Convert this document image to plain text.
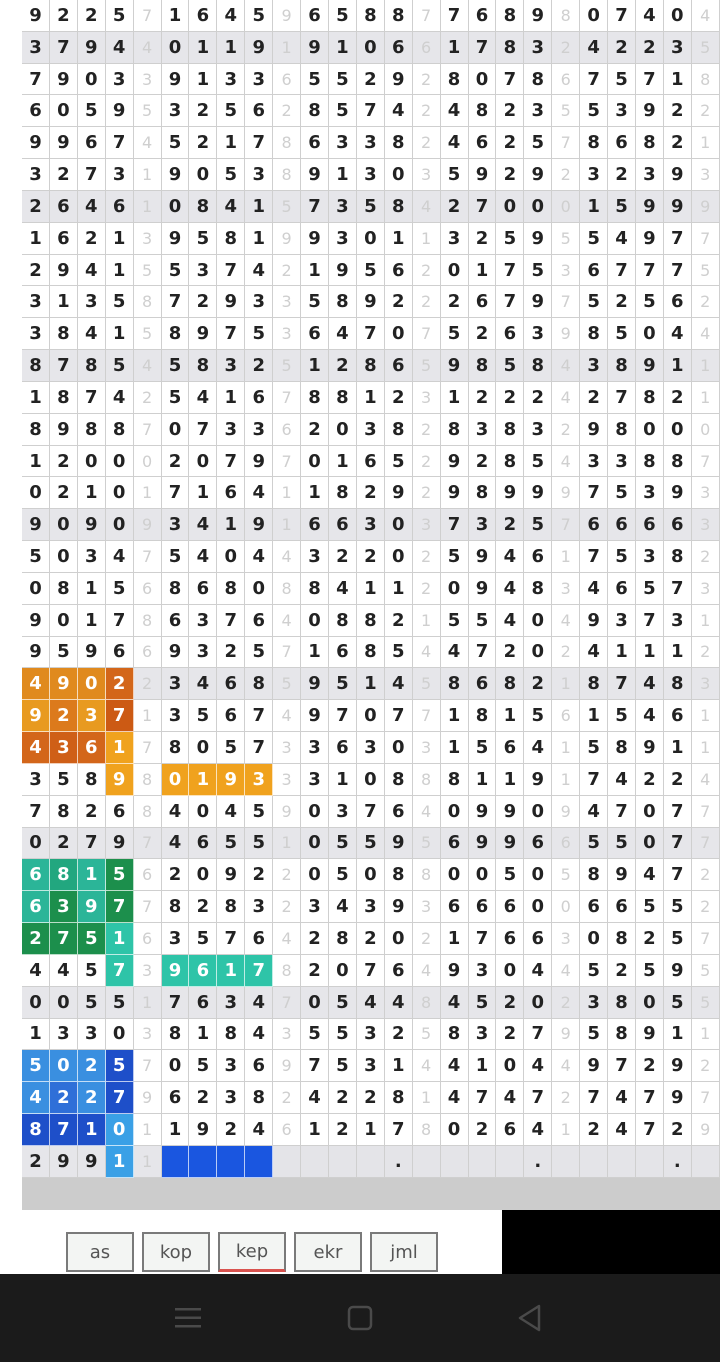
9 2 2 5	7 1 6 4 5	9 6 5 8 8	7 7 6 8 9	8 0 7 4 0	4
3 7 9 4	4 0 1 1 9	1 9 1 0 6	6 1 7 8 3	2 4 2 2 3	5
7 9 0 3	3 9 1 3 3	6 5 5 2 9	2 8 0 7 8	6 7 5 7 1	8
6 0 5 9	5 3 2 5 6	2 8 5 7 4	2 4 8 2 3	5 5 3 9 2	2
9 9 6 7	4 5 2 1 7	8 6 3 3 8	2 4 6 2 5	7 8 6 8 2	1
3 2 7 3	1 9 0 5 3	8 9 1 3 0	3 5 9 2 9	2 3 2 3 9	3
2 6 4 6	1 0 8 4 1	5 7 3 5 8	4 2 7 0 0	0 1 5 9 9	9
1 6 2 1	3 9 5 8 1	9 9 3 0 1	1 3 2 5 9	5 5 4 9 7	7
2 9 4 1	5 5 3 7 4	2 1 9 5 6	2 0 1 7 5	3 6 7 7 7	5
3 1 3 5	8 7 2 9 3	3 5 8 9 2	2 2 6 7 9	7 5 2 5 6	2
3 8 4 1	5 8 9 7 5	3 6 4 7 0	7 5 2 6 3	9 8 5 0 4	4
8 7 8 5	4 5 8 3 2	5 1 2 8 6	5 9 8 5 8	4 3 8 9 1	1
1 8 7 4	2 5 4 1 6	7 8 8 1 2	3 1 2 2 2	4 2 7 8 2	1
8 9 8 8	7 0 7 3 3	6 2 0 3 8	2 8 3 8 3	2 9 8 0 0	0
1 2 0 0	0 2 0 7 9	7 0 1 6 5	2 9 2 8 5	4 3 3 8 8	7
0 2 1 0	1 7 1 6 4	1 1 8 2 9	2 9 8 9 9	9 7 5 3 9	3
9 0 9 0	9 3 4 1 9	1 6 6 3 0	3 7 3 2 5	7 6 6 6 6	3
5 0 3 4	7 5 4 0 4	4 3 2 2 0	2 5 9 4 6	1 7 5 3 8	2
0 8 1 5	6 8 6 8 0	8 8 4 1 1	2 0 9 4 8	3 4 6 5 7	3
9 0 1 7	8 6 3 7 6	4 0 8 8 2	1 5 5 4 0	4 9 3 7 3	1
9 5 9 6	6 9 3 2 5	7 1 6 8 5	4 4 7 2 0	2 4 1 1 1	2
4 9 0 2	2 3 4 6 8	5 9 5 1 4	5 8 6 8 2	1 8 7 4 8	3
9 2 3 7	1 3 5 6 7	4 9 7 0 7	7 1 8 1 5	6 1 5 4 6	1
4 3 6 1	7 8 0 5 7	3 3 6 3 0	3 1 5 6 4	1 5 8 9 1	1
3 5 8 9	8 0 1 9 3	3 3 1 0 8	8 8 1 1 9	1 7 4 2 2	4
7 8 2 6	8 4 0 4 5	9 0 3 7 6	4 0 9 9 0	9 4 7 0 7	7
0 2 7 9	7 4 6 5 5	1 0 5 5 9	5 6 9 9 6	6 5 5 0 7	7
6 8 1 5	6 2 0 9 2	2 0 5 0 8	8 0 0 5 0	5 8 9 4 7	2
6 3 9 7	7 8 2 8 3	2 3 4 3 9	3 6 6 6 0	0 6 6 5 5	2
2 7 5 1	6 3 5 7 6	4 2 8 2 0	2 1 7 6 6	3 0 8 2 5	7
4 4 5 7	3 9 6 1 7	8 2 0 7 6	4 9 3 0 4	4 5 2 5 9	5
0 0 5 5	1 7 6 3 4	7 0 5 4 4	8 4 5 2 0	2 3 8 0 5	5
1 3 3 0	3 8 1 8 4	3 5 5 3 2	5 8 3 2 7	9 5 8 9 1	1
5 0 2 5	7 0 5 3 6	9 7 5 3 1	4 4 1 0 4	4 9 7 2 9	2
4 2 2 7	9 6 2 3 8	2 4 2 2 8	1 4 7 4 7	2 7 4 7 9	7
8 7 1 0	1 1 9 2 4	6 1 2 1 7	8 0 2 6 4	1 2 4 7 2	9
2 9 9 1	1	.	.	.
as	kop	kep	ekr	jml
